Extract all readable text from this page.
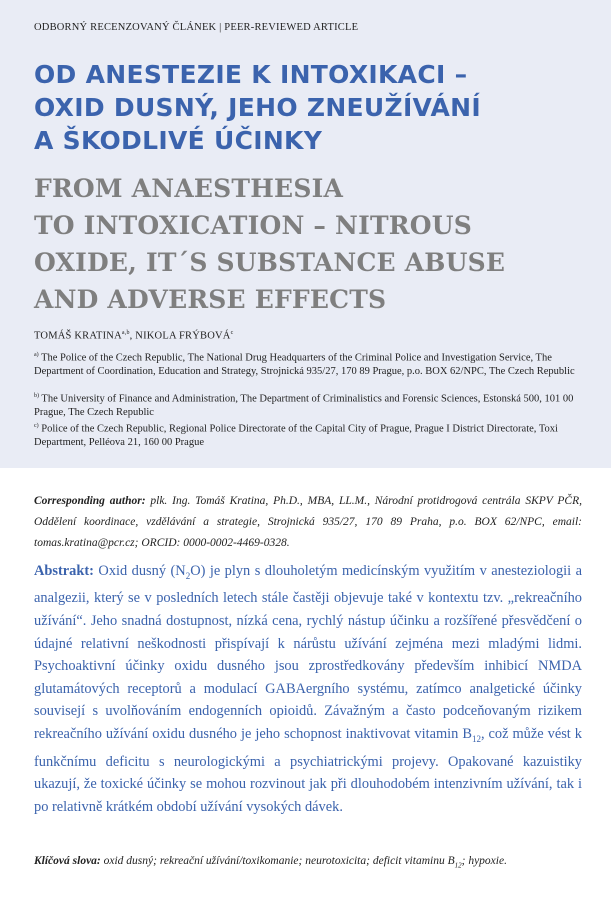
ODBORNÝ RECENZOVANÝ ČLÁNEK | PEER-REVIEWED ARTICLE
OD ANESTEZIE K INTOXIKACI –
OXID DUSNÝ, JEHO ZNEUŽÍVÁNÍ
A ŠKODLIVÉ ÚČINKY
FROM ANAESTHESIA
TO INTOXICATION – NITROUS
OXIDE, IT´S SUBSTANCE ABUSE
AND ADVERSE EFFECTS
TOMÁŠ KRATINA$^{a,b}$, NIKOLA FRÝBOVÁ$^c$
$^{a)}$ The Police of the Czech Republic, The National Drug Headquarters of the Criminal Police and Investigation Service, The Department of Coordination, Education and Strategy, Strojnická 935/27, 170 89 Prague, p.o. BOX 62/NPC, The Czech Republic
$^{b)}$ The University of Finance and Administration, The Department of Criminalistics and Forensic Sciences, Estonská 500, 101 00 Prague, The Czech Republic
$^{c)}$ Police of the Czech Republic, Regional Police Directorate of the Capital City of Prague, Prague I District Directorate, Toxi Department, Pelléova 21, 160 00 Prague
Corresponding author: plk. Ing. Tomáš Kratina, Ph.D., MBA, LL.M., Národní protidrogová centrála SKPV PČR, Oddělení koordinace, vzdělávání a strategie, Strojnická 935/27, 170 89 Praha, p.o. BOX 62/NPC, email: tomas.kratina@pcr.cz; ORCID: 0000-0002-4469-0328.
Abstrakt: Oxid dusný $(N_2O)$ je plyn s dlouholetým medicínským využitím v anesteziologii a analgezii, který se v posledních letech stále častěji objevuje také v kontextu tzv. „rekreačního užívání“. Jeho snadná dostupnost, nízká cena, rychlý nástup účinku a rozšířené přesvědčení o údajné relativní neškodnosti přispívají k nárůstu užívání zejména mezi mladými lidmi. Psychoaktivní účinky oxidu dusného jsou zprostředkovány především inhibicí NMDA glutamátových receptorů a modulací GABAergního systému, zatímco analgetické účinky souvisejí s uvolňováním endogenních opioidů. Závažným a často podceňovaným rizikem rekreačního užívání oxidu dusného je jeho schopnost inaktivovat vitamin $B_{12}$, což může vést k funkčnímu deficitu s neurologickými a psychiatrickými projevy. Opakované kazuistiky ukazují, že toxické účinky se mohou rozvinout jak při dlouhodobém intenzivním užívání, tak i po relativně krátkém období užívání vysokých dávek.
Klíčová slova: oxid dusný; rekreační užívání/toxikomanie; neurotoxicita; deficit vitaminu $B_{12}$; hypoxie.
